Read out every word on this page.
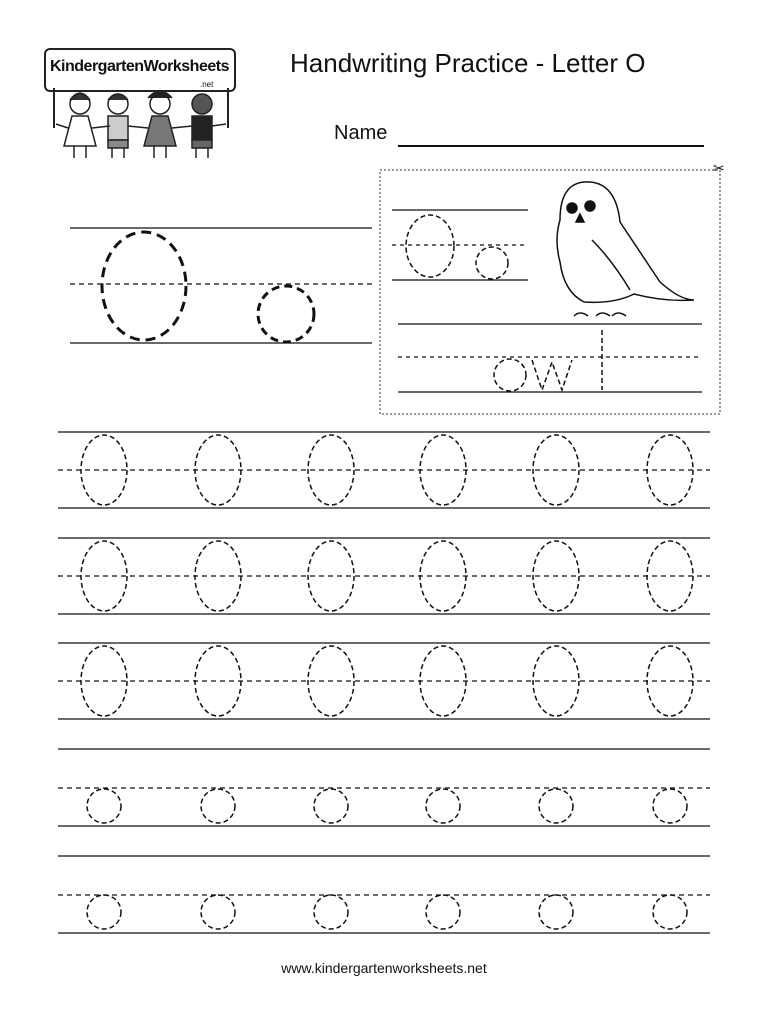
KindergartenWorksheets
.net
Handwriting Practice - Letter O
Name
✂
www.kindergartenworksheets.net
